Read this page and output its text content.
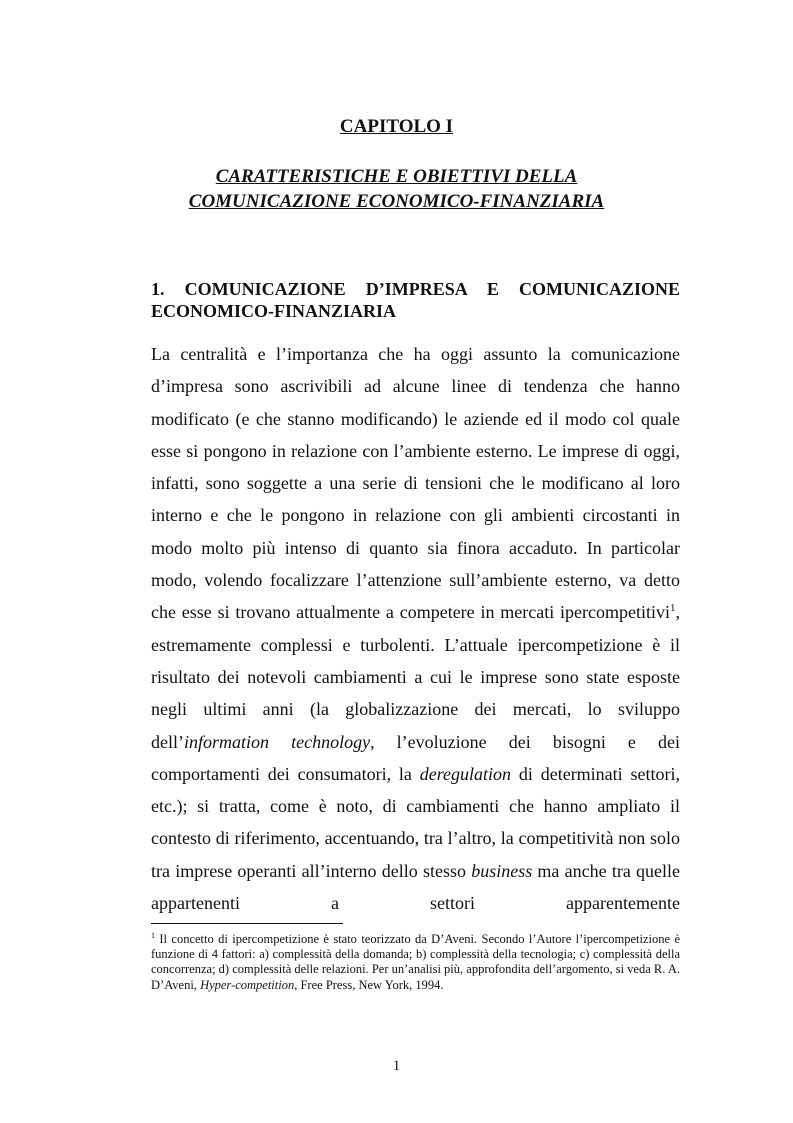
CAPITOLO I
CARATTERISTICHE E OBIETTIVI DELLA
COMUNICAZIONE ECONOMICO-FINANZIARIA
1. COMUNICAZIONE D’IMPRESA E COMUNICAZIONE
ECONOMICO-FINANZIARIA
La centralità e l’importanza che ha oggi assunto la comunicazione d’impresa sono ascrivibili ad alcune linee di tendenza che hanno modificato (e che stanno modificando) le aziende ed il modo col quale esse si pongono in relazione con l’ambiente esterno. Le imprese di oggi, infatti, sono soggette a una serie di tensioni che le modificano al loro interno e che le pongono in relazione con gli ambienti circostanti in modo molto più intenso di quanto sia finora accaduto. In particolar modo, volendo focalizzare l’attenzione sull’ambiente esterno, va detto che esse si trovano attualmente a competere in mercati ipercompetitivi$^1$, estremamente complessi e turbolenti. L’attuale ipercompetizione è il risultato dei notevoli cambiamenti a cui le imprese sono state esposte negli ultimi anni (la globalizzazione dei mercati, lo sviluppo dell’information technology, l’evoluzione dei bisogni e dei comportamenti dei consumatori, la deregulation di determinati settori, etc.); si tratta, come è noto, di cambiamenti che hanno ampliato il contesto di riferimento, accentuando, tra l’altro, la competitività non solo tra imprese operanti all’interno dello stesso business ma anche tra quelle appartenenti a settori apparentemente
$^1$ Il concetto di ipercompetizione è stato teorizzato da D’Aveni. Secondo l’Autore l’ipercompetizione è funzione di 4 fattori: a) complessità della domanda; b) complessità della tecnologia; c) complessità della concorrenza; d) complessità delle relazioni. Per un’analisi più, approfondita dell’argomento, si veda R. A. D’Aveni, Hyper-competition, Free Press, New York, 1994.
1
